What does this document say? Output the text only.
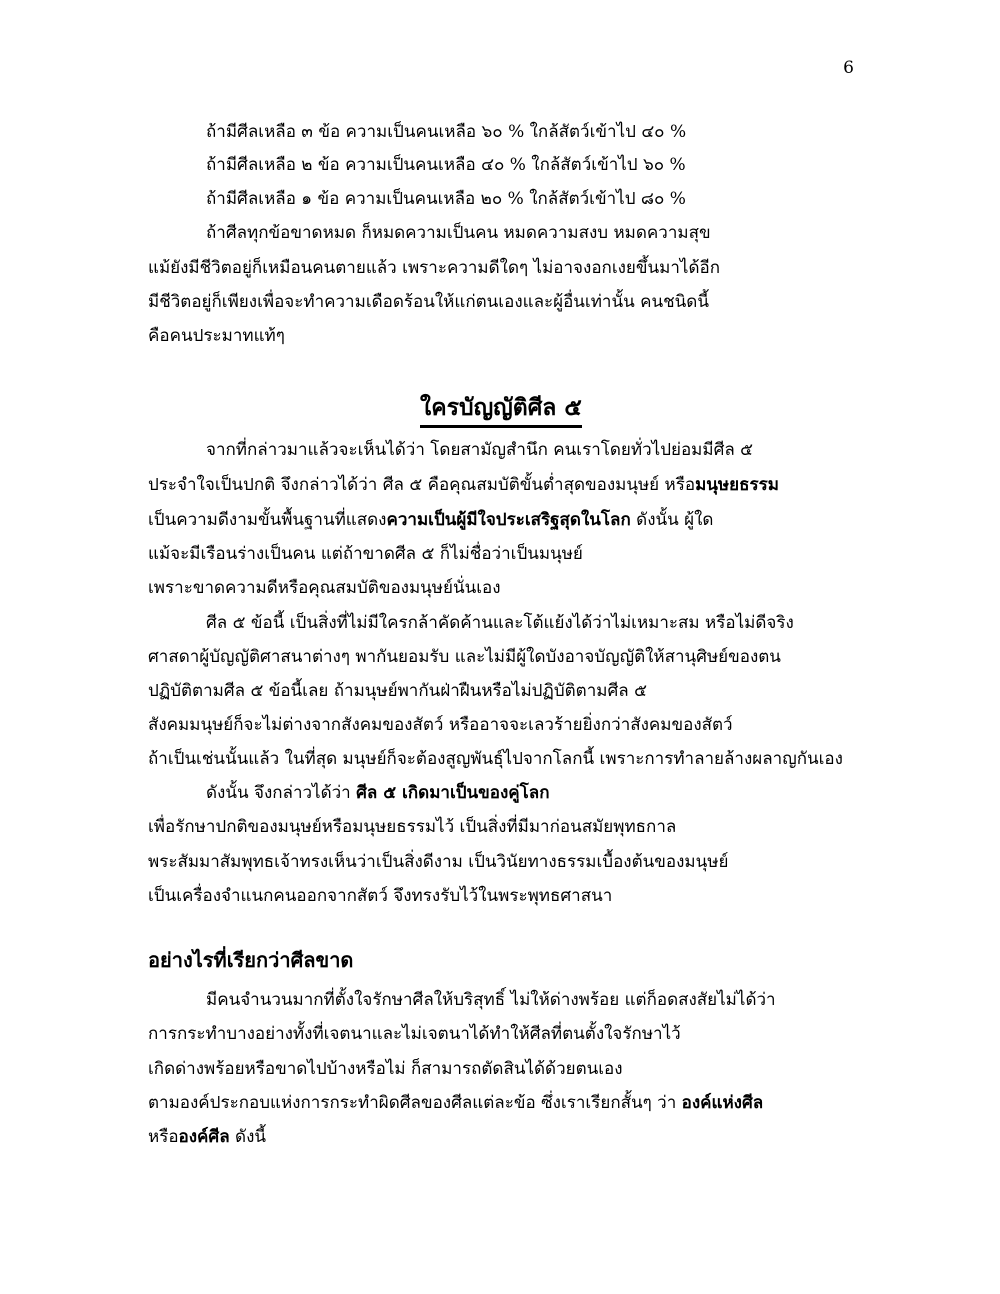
6
ถ้ามีศีลเหลือ ๓ ข้อ ความเป็นคนเหลือ ๖๐ % ใกล้สัตว์เข้าไป ๔๐ %
ถ้ามีศีลเหลือ ๒ ข้อ ความเป็นคนเหลือ ๔๐ % ใกล้สัตว์เข้าไป ๖๐ %
ถ้ามีศีลเหลือ ๑ ข้อ ความเป็นคนเหลือ ๒๐ % ใกล้สัตว์เข้าไป ๘๐ %
ถ้าศีลทุกข้อขาดหมด ก็หมดความเป็นคน หมดความสงบ หมดความสุข
แม้ยังมีชีวิตอยู่ก็เหมือนคนตายแล้ว เพราะความดีใดๆ ไม่อาจงอกเงยขึ้นมาได้อีก
มีชีวิตอยู่ก็เพียงเพื่อจะทำความเดือดร้อนให้แก่ตนเองและผู้อื่นเท่านั้น คนชนิดนี้
คือคนประมาทแท้ๆ
ใครบัญญัติศีล ๕
จากที่กล่าวมาแล้วจะเห็นได้ว่า โดยสามัญสำนึก คนเราโดยทั่วไปย่อมมีศีล ๕
ประจำใจเป็นปกติ จึงกล่าวได้ว่า ศีล ๕ คือคุณสมบัติขั้นต่ำสุดของมนุษย์ หรือมนุษยธรรม
เป็นความดีงามขั้นพื้นฐานที่แสดงความเป็นผู้มีใจประเสริฐสุดในโลก ดังนั้น ผู้ใด
แม้จะมีเรือนร่างเป็นคน แต่ถ้าขาดศีล ๕ ก็ไม่ชื่อว่าเป็นมนุษย์
เพราะขาดความดีหรือคุณสมบัติของมนุษย์นั่นเอง
ศีล ๕ ข้อนี้ เป็นสิ่งที่ไม่มีใครกล้าคัดค้านและโต้แย้งได้ว่าไม่เหมาะสม หรือไม่ดีจริง
ศาสดาผู้บัญญัติศาสนาต่างๆ พากันยอมรับ และไม่มีผู้ใดบังอาจบัญญัติให้สานุศิษย์ของตน
ปฏิบัติตามศีล ๕ ข้อนี้เลย ถ้ามนุษย์พากันฝ่าฝืนหรือไม่ปฏิบัติตามศีล ๕
สังคมมนุษย์ก็จะไม่ต่างจากสังคมของสัตว์ หรืออาจจะเลวร้ายยิ่งกว่าสังคมของสัตว์
ถ้าเป็นเช่นนั้นแล้ว ในที่สุด มนุษย์ก็จะต้องสูญพันธุ์ไปจากโลกนี้ เพราะการทำลายล้างผลาญกันเอง
ดังนั้น จึงกล่าวได้ว่า ศีล ๕ เกิดมาเป็นของคู่โลก
เพื่อรักษาปกติของมนุษย์หรือมนุษยธรรมไว้ เป็นสิ่งที่มีมาก่อนสมัยพุทธกาล
พระสัมมาสัมพุทธเจ้าทรงเห็นว่าเป็นสิ่งดีงาม เป็นวินัยทางธรรมเบื้องต้นของมนุษย์
เป็นเครื่องจำแนกคนออกจากสัตว์ จึงทรงรับไว้ในพระพุทธศาสนา
อย่างไรที่เรียกว่าศีลขาด
มีคนจำนวนมากที่ตั้งใจรักษาศีลให้บริสุทธิ์ ไม่ให้ด่างพร้อย แต่ก็อดสงสัยไม่ได้ว่า
การกระทำบางอย่างทั้งที่เจตนาและไม่เจตนาได้ทำให้ศีลที่ตนตั้งใจรักษาไว้
เกิดด่างพร้อยหรือขาดไปบ้างหรือไม่ ก็สามารถตัดสินได้ด้วยตนเอง
ตามองค์ประกอบแห่งการกระทำผิดศีลของศีลแต่ละข้อ ซึ่งเราเรียกสั้นๆ ว่า องค์แห่งศีล
หรือองค์ศีล ดังนี้
